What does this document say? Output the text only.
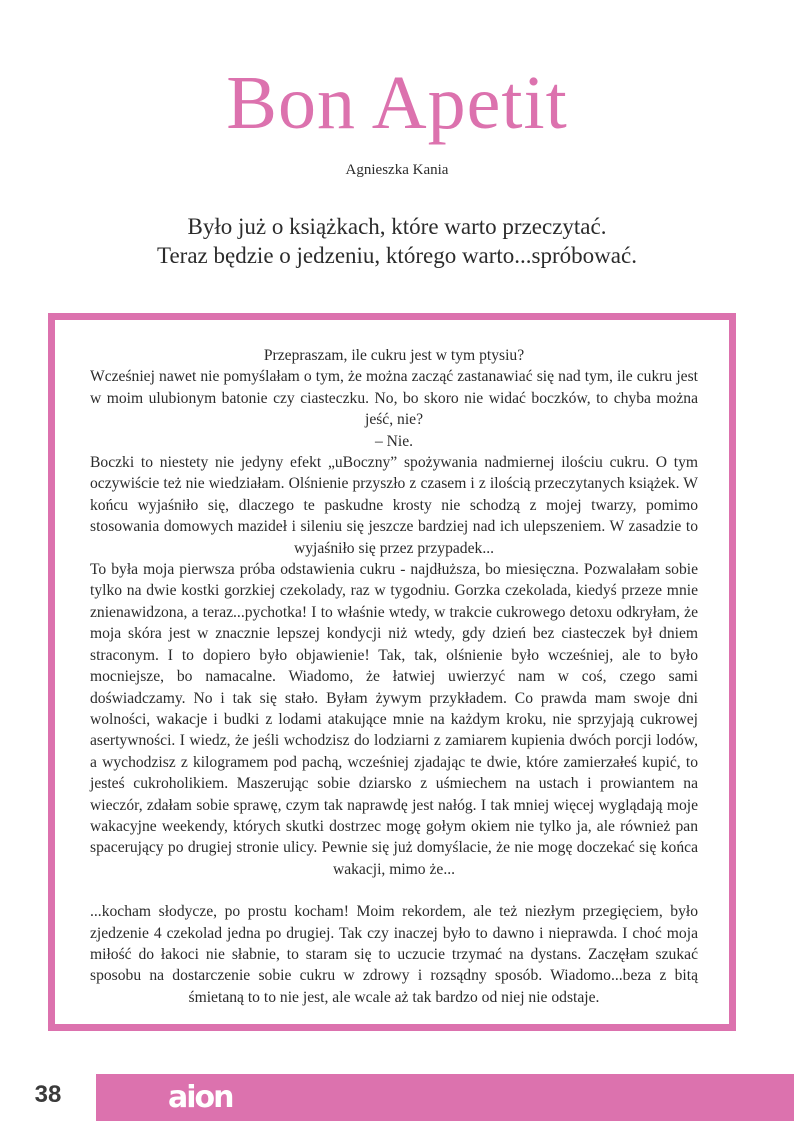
Bon Apetit

Agnieszka Kania

Było już o książkach, które warto przeczytać.
Teraz będzie o jedzeniu, którego warto...spróbować.

Przepraszam, ile cukru jest w tym ptysiu?

Wcześniej nawet nie pomyślałam o tym, że można zacząć zastanawiać się nad tym, ile cukru jest w moim ulubionym batonie czy ciasteczku. No, bo skoro nie widać boczków, to chyba można jeść, nie?

– Nie.

Boczki to niestety nie jedyny efekt „uBoczny” spożywania nadmiernej ilościu cukru. O tym oczywiście też nie wiedziałam. Olśnienie przyszło z czasem i z ilością przeczytanych książek. W końcu wyjaśniło się, dlaczego te paskudne krosty nie schodzą z mojej twarzy, pomimo stosowania domowych mazideł i sileniu się jeszcze bardziej nad ich ulepszeniem. W zasadzie to wyjaśniło się przez przypadek...

To była moja pierwsza próba odstawienia cukru - najdłuższa, bo miesięczna. Pozwalałam sobie tylko na dwie kostki gorzkiej czekolady, raz w tygodniu. Gorzka czekolada, kiedyś przeze mnie znienawidzona, a teraz...pychotka! I to właśnie wtedy, w trakcie cukrowego detoxu odkryłam, że moja skóra jest w znacznie lepszej kondycji niż wtedy, gdy dzień bez ciasteczek był dniem straconym. I to dopiero było objawienie! Tak, tak, olśnienie było wcześniej, ale to było mocniejsze, bo namacalne. Wiadomo, że łatwiej uwierzyć nam w coś, czego sami doświadczamy. No i tak się stało. Byłam żywym przykładem. Co prawda mam swoje dni wolności, wakacje i budki z lodami atakujące mnie na każdym kroku, nie sprzyjają cukrowej asertywności. I wiedz, że jeśli wchodzisz do lodziarni z zamiarem kupienia dwóch porcji lodów, a wychodzisz z kilogramem pod pachą, wcześniej zjadając te dwie, które zamierzałeś kupić, to jesteś cukroholikiem. Maszerując sobie dziarsko z uśmiechem na ustach i prowiantem na wieczór, zdałam sobie sprawę, czym tak naprawdę jest nałóg. I tak mniej więcej wyglądają moje wakacyjne weekendy, których skutki dostrzec mogę gołym okiem nie tylko ja, ale również pan spacerujący po drugiej stronie ulicy. Pewnie się już domyślacie, że nie mogę doczekać się końca wakacji, mimo że...

...kocham słodycze, po prostu kocham! Moim rekordem, ale też niezłym przegięciem, było zjedzenie 4 czekolad jedna po drugiej. Tak czy inaczej było to dawno i nieprawda. I choć moja miłość do łakoci nie słabnie, to staram się to uczucie trzymać na dystans. Zaczęłam szukać sposobu na dostarczenie sobie cukru w zdrowy i rozsądny sposób. Wiadomo...beza z bitą śmietaną to to nie jest, ale wcale aż tak bardzo od niej nie odstaje.

38	aion
